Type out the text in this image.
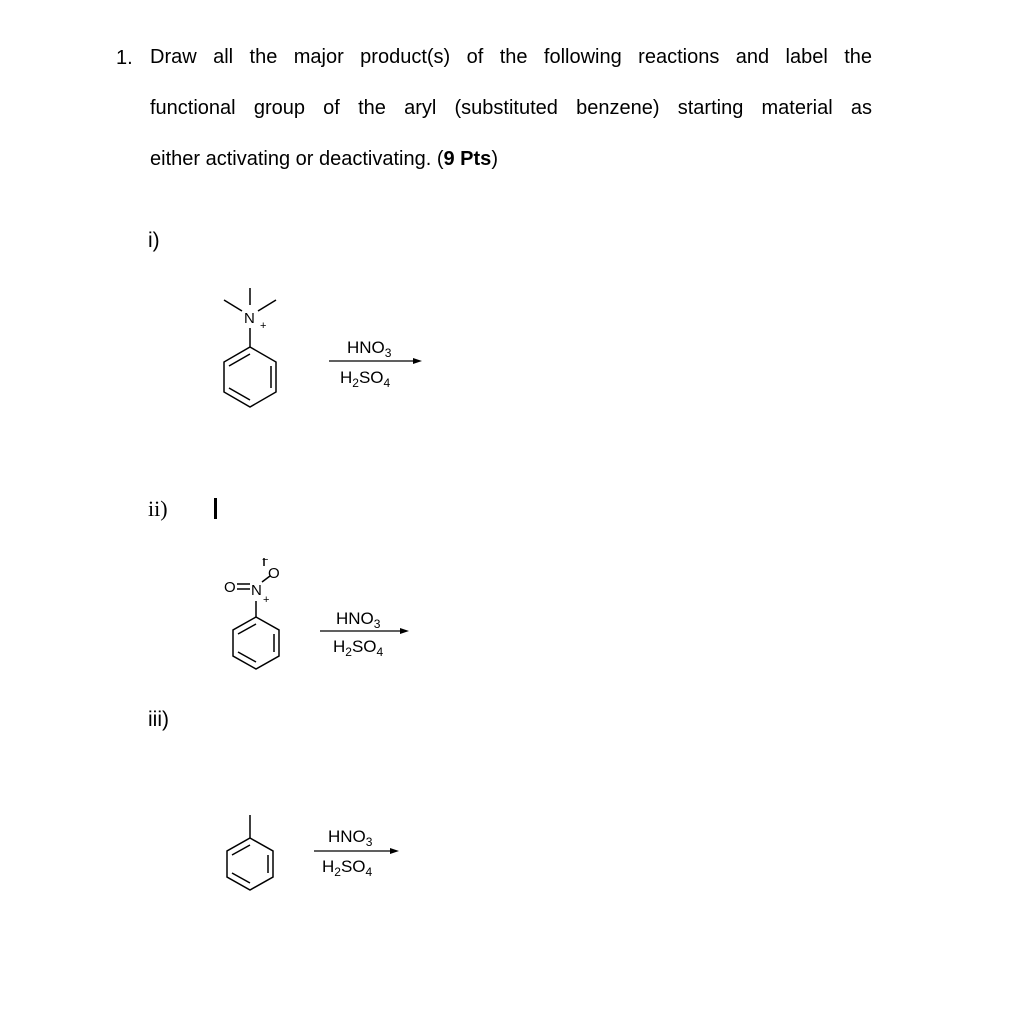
1. Draw all the major product(s) of the following reactions and label the
functional group of the aryl (substituted benzene) starting material as
either activating or deactivating. (9 Pts)
i)
ii)
iii)
N +
$HNO_3$
$H_2SO_4$
O N
+
O
−
$HNO_3$
$H_2SO_4$
$HNO_3$
$H_2SO_4$
